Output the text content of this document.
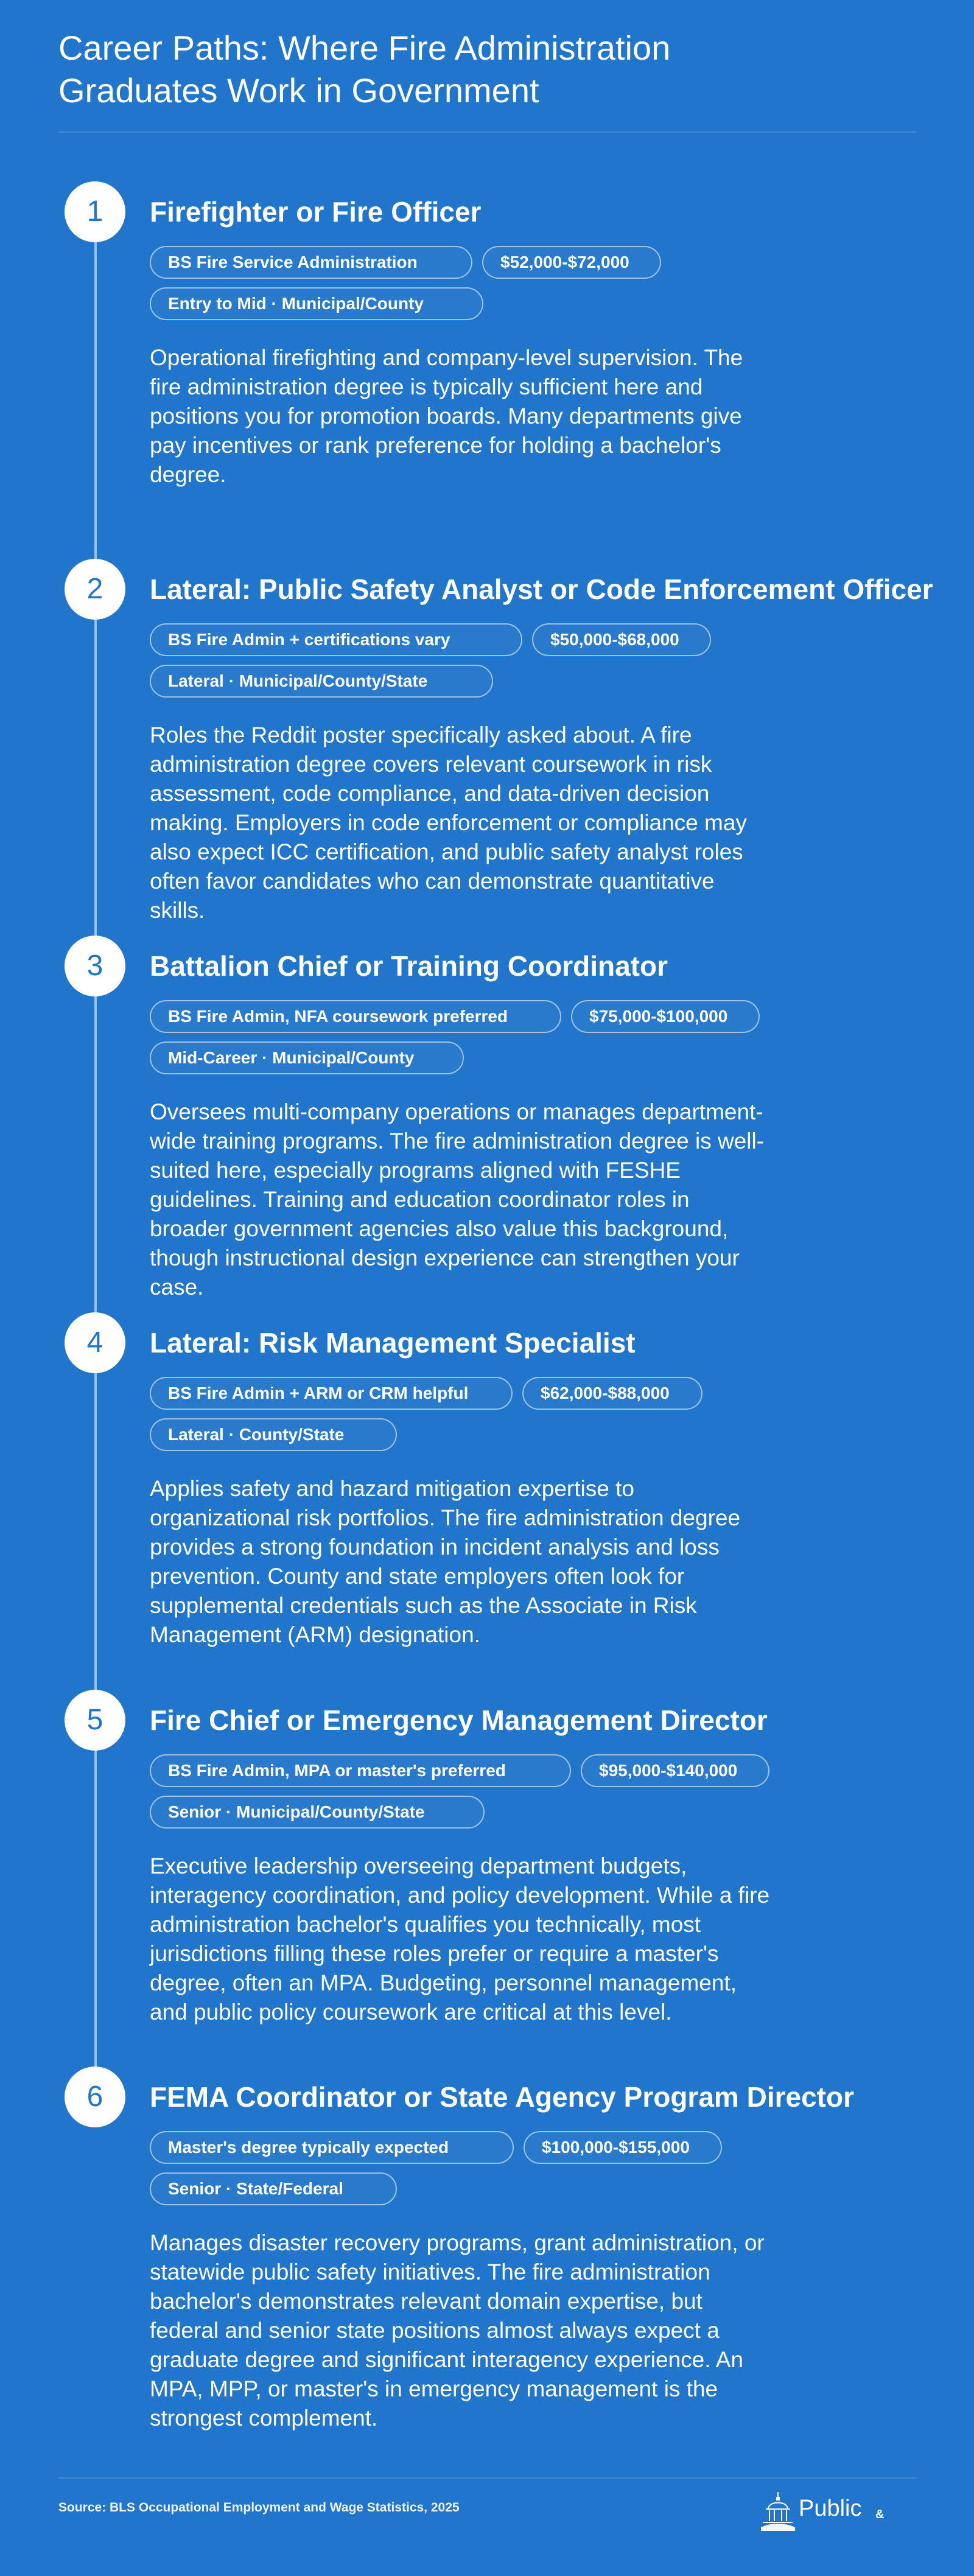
Career Paths: Where Fire Administration Graduates Work in Government
1	Firefighter or Fire Officer
BS Fire Service Administration	$52,000-$72,000
Entry to Mid · Municipal/County

Operational firefighting and company-level supervision. The fire administration degree is typically sufficient here and positions you for promotion boards. Many departments give pay incentives or rank preference for holding a bachelor's degree.

2	Lateral: Public Safety Analyst or Code Enforcement Officer
BS Fire Admin + certifications vary	$50,000-$68,000
Lateral · Municipal/County/State

Roles the Reddit poster specifically asked about. A fire administration degree covers relevant coursework in risk assessment, code compliance, and data-driven decision making. Employers in code enforcement or compliance may also expect ICC certification, and public safety analyst roles often favor candidates who can demonstrate quantitative skills.

3	Battalion Chief or Training Coordinator
BS Fire Admin, NFA coursework preferred	$75,000-$100,000
Mid-Career · Municipal/County

Oversees multi-company operations or manages department-wide training programs. The fire administration degree is well-suited here, especially programs aligned with FESHE guidelines. Training and education coordinator roles in broader government agencies also value this background, though instructional design experience can strengthen your case.

4	Lateral: Risk Management Specialist
BS Fire Admin + ARM or CRM helpful	$62,000-$88,000
Lateral · County/State

Applies safety and hazard mitigation expertise to organizational risk portfolios. The fire administration degree provides a strong foundation in incident analysis and loss prevention. County and state employers often look for supplemental credentials such as the Associate in Risk Management (ARM) designation.

5	Fire Chief or Emergency Management Director
BS Fire Admin, MPA or master's preferred	$95,000-$140,000
Senior · Municipal/County/State

Executive leadership overseeing department budgets, interagency coordination, and policy development. While a fire administration bachelor's qualifies you technically, most jurisdictions filling these roles prefer or require a master's degree, often an MPA. Budgeting, personnel management, and public policy coursework are critical at this level.

6	FEMA Coordinator or State Agency Program Director
Master's degree typically expected	$100,000-$155,000
Senior · State/Federal

Manages disaster recovery programs, grant administration, or statewide public safety initiatives. The fire administration bachelor's demonstrates relevant domain expertise, but federal and senior state positions almost always expect a graduate degree and significant interagency experience. An MPA, MPP, or master's in emergency management is the strongest complement.

Source: BLS Occupational Employment and Wage Statistics, 2025	Public &
